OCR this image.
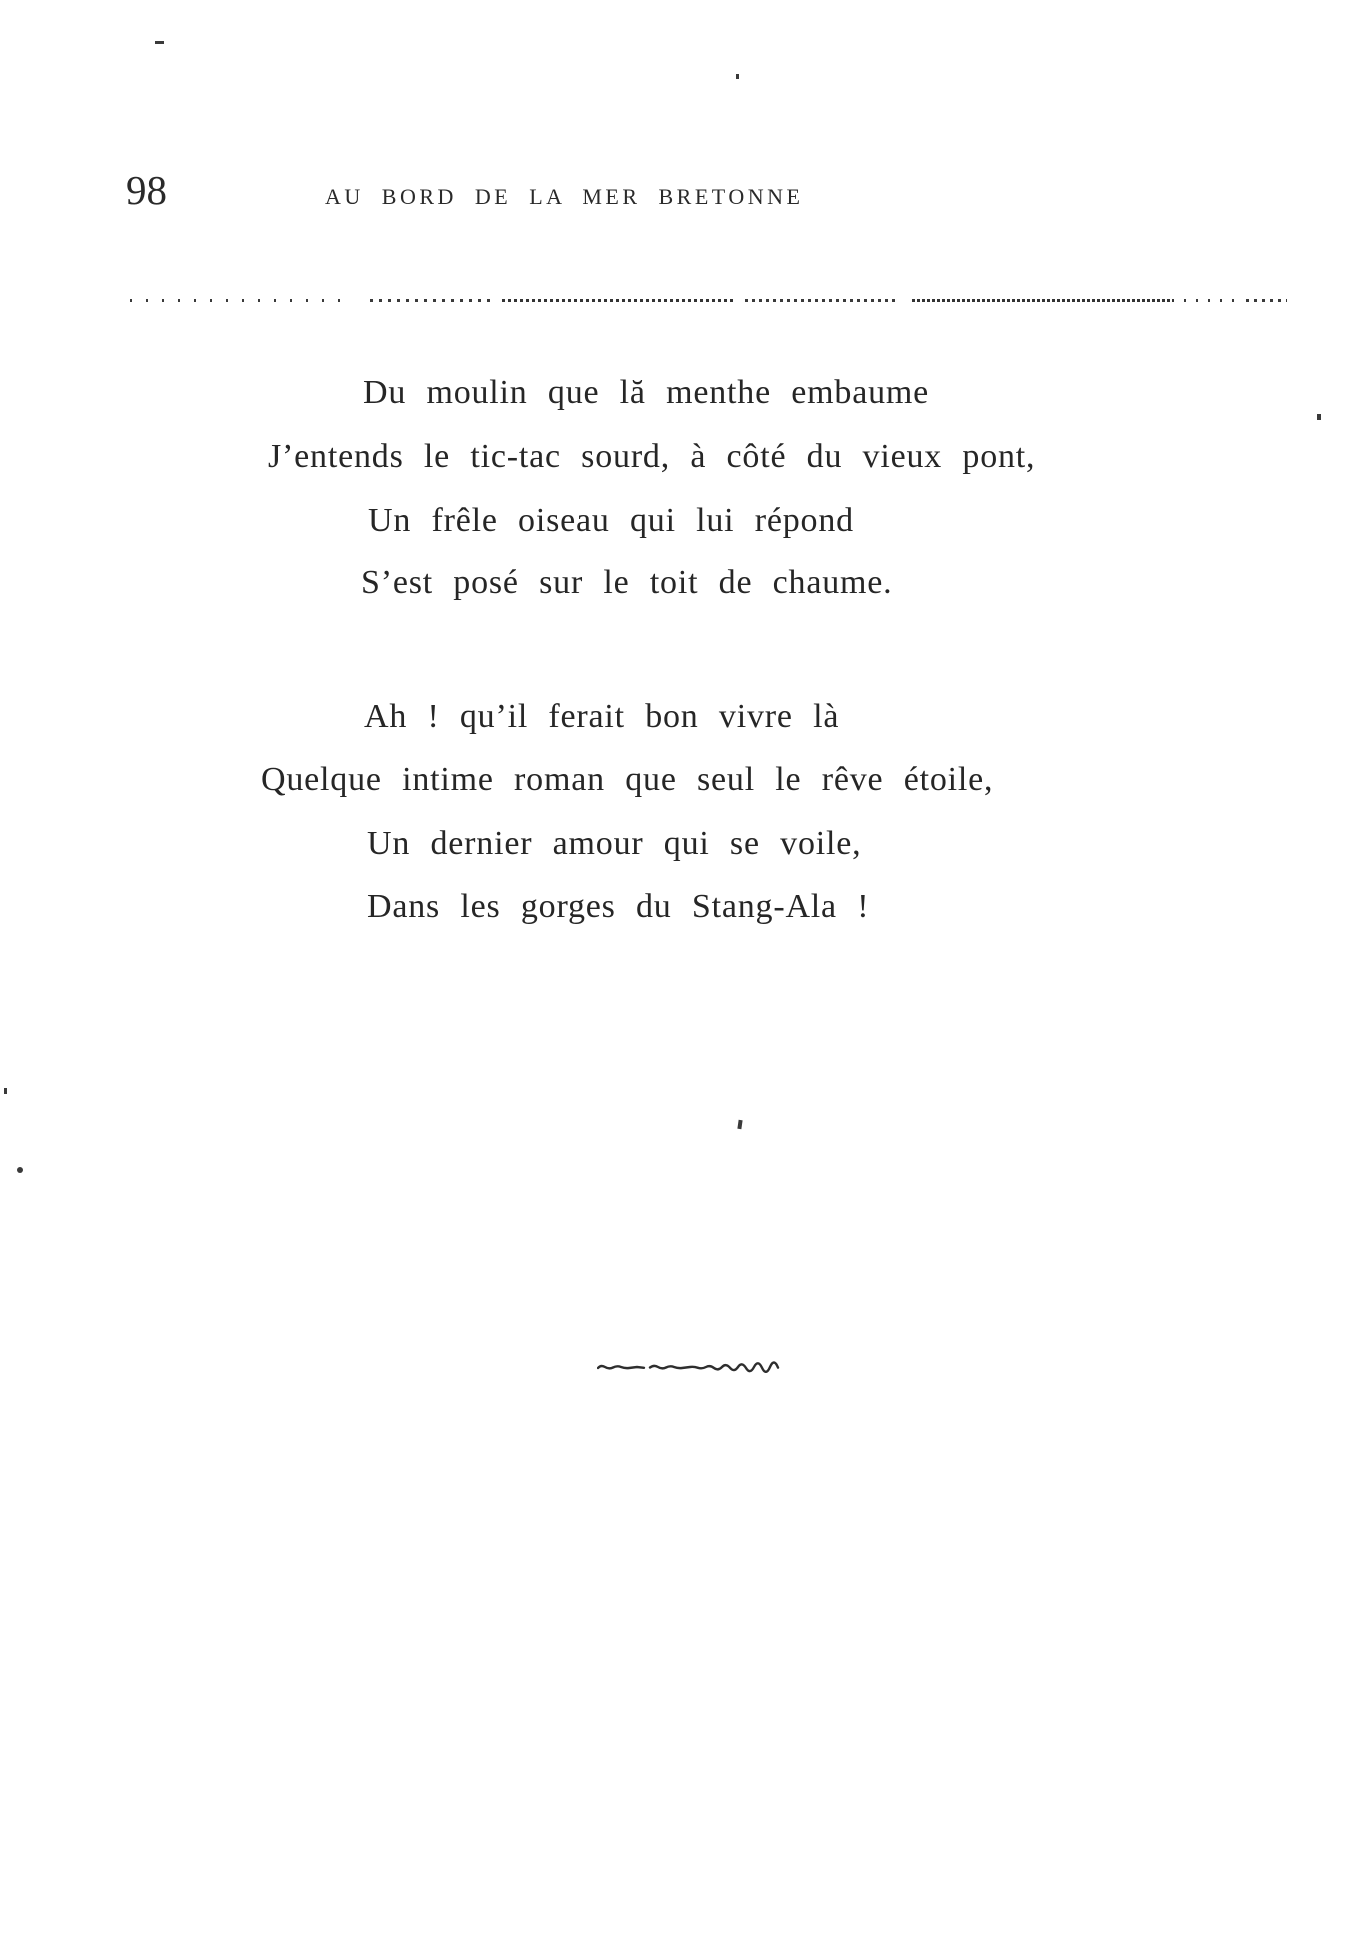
98	AU BORD DE LA MER BRETONNE
Du moulin que lă menthe embaume
J’entends le tic-tac sourd, à côté du vieux pont,
Un frêle oiseau qui lui répond
S’est posé sur le toit de chaume.
Ah ! qu’il ferait bon vivre là
Quelque intime roman que seul le rêve étoile,
Un dernier amour qui se voile,
Dans les gorges du Stang-Ala !
